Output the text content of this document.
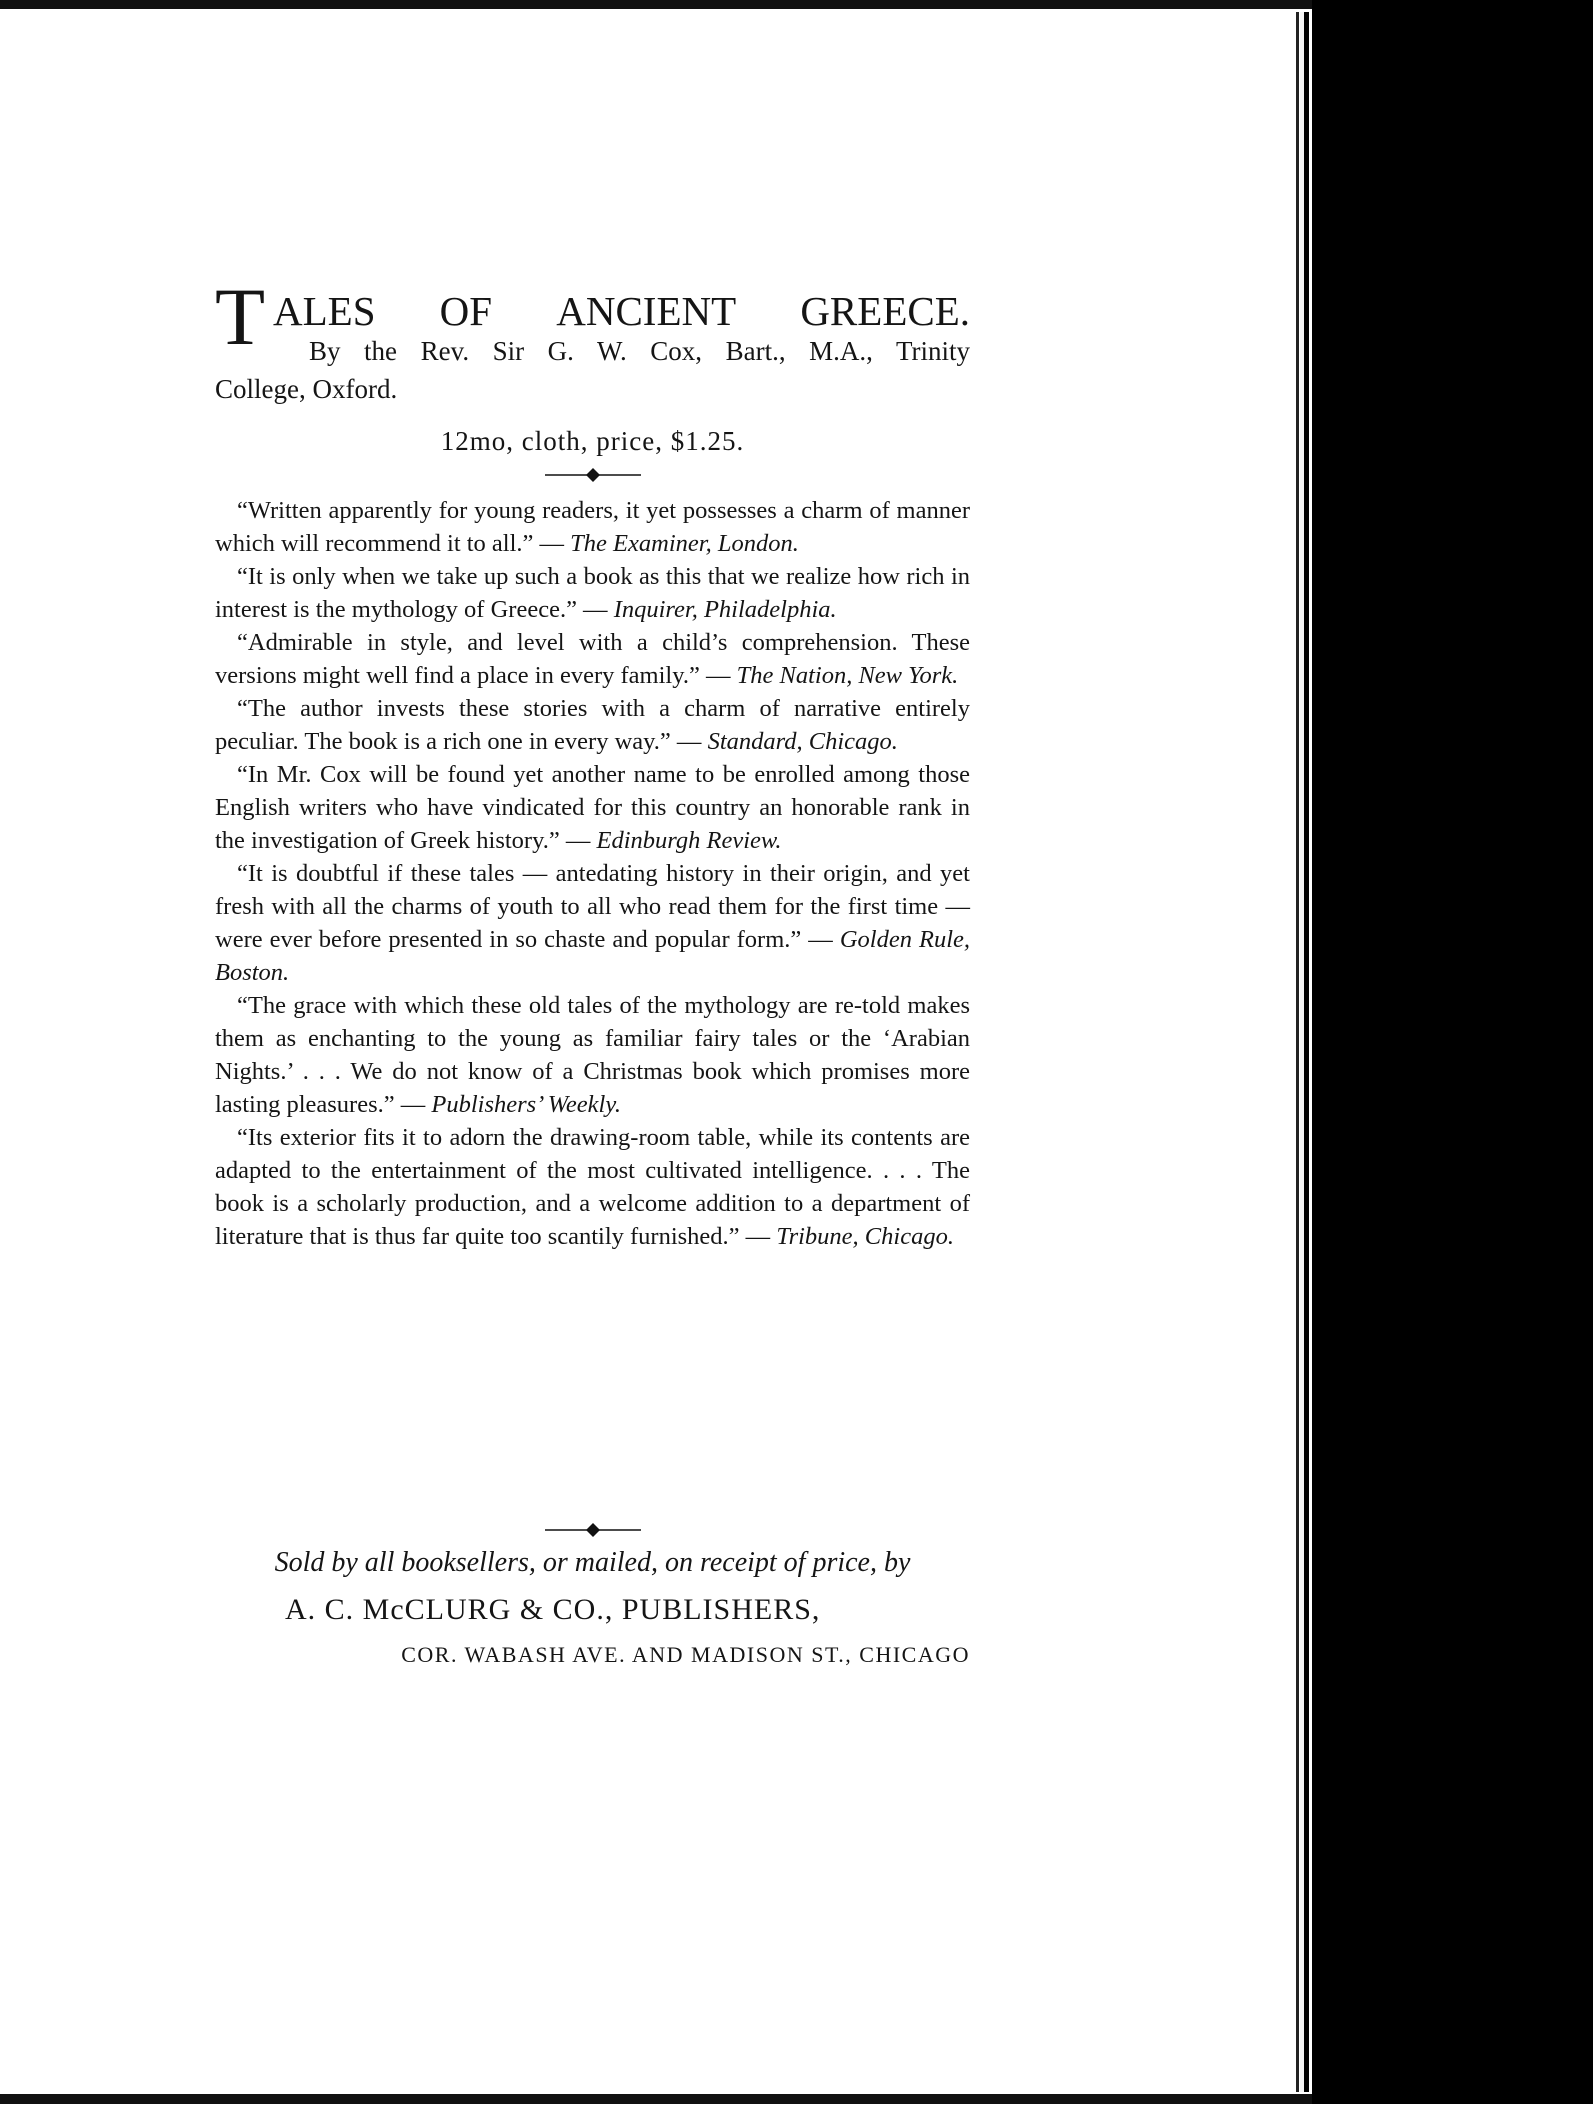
T ALES OF ANCIENT GREECE.
By the Rev. Sir G. W. Cox, Bart., M.A., Trinity
College, Oxford.
12mo, cloth, price, $1.25.

“Written apparently for young readers, it yet possesses a charm of manner which will recommend it to all.” — The Examiner, London.

“It is only when we take up such a book as this that we realize how rich in interest is the mythology of Greece.” — Inquirer, Philadelphia.

“Admirable in style, and level with a child’s comprehension. These versions might well find a place in every family.” — The Nation, New York.

“The author invests these stories with a charm of narrative entirely peculiar. The book is a rich one in every way.” — Standard, Chicago.

“In Mr. Cox will be found yet another name to be enrolled among those English writers who have vindicated for this country an honorable rank in the investigation of Greek history.” — Edinburgh Review.

“It is doubtful if these tales — antedating history in their origin, and yet fresh with all the charms of youth to all who read them for the first time — were ever before presented in so chaste and popular form.” — Golden Rule, Boston.

“The grace with which these old tales of the mythology are re-told makes them as enchanting to the young as familiar fairy tales or the ‘Arabian Nights.’ . . . We do not know of a Christmas book which promises more lasting pleasures.” — Publishers’ Weekly.

“Its exterior fits it to adorn the drawing-room table, while its contents are adapted to the entertainment of the most cultivated intelligence. . . . The book is a scholarly production, and a welcome addition to a department of literature that is thus far quite too scantily furnished.” — Tribune, Chicago.

Sold by all booksellers, or mailed, on receipt of price, by
A. C. McCLURG & CO., PUBLISHERS,
COR. WABASH AVE. AND MADISON ST., CHICAGO
